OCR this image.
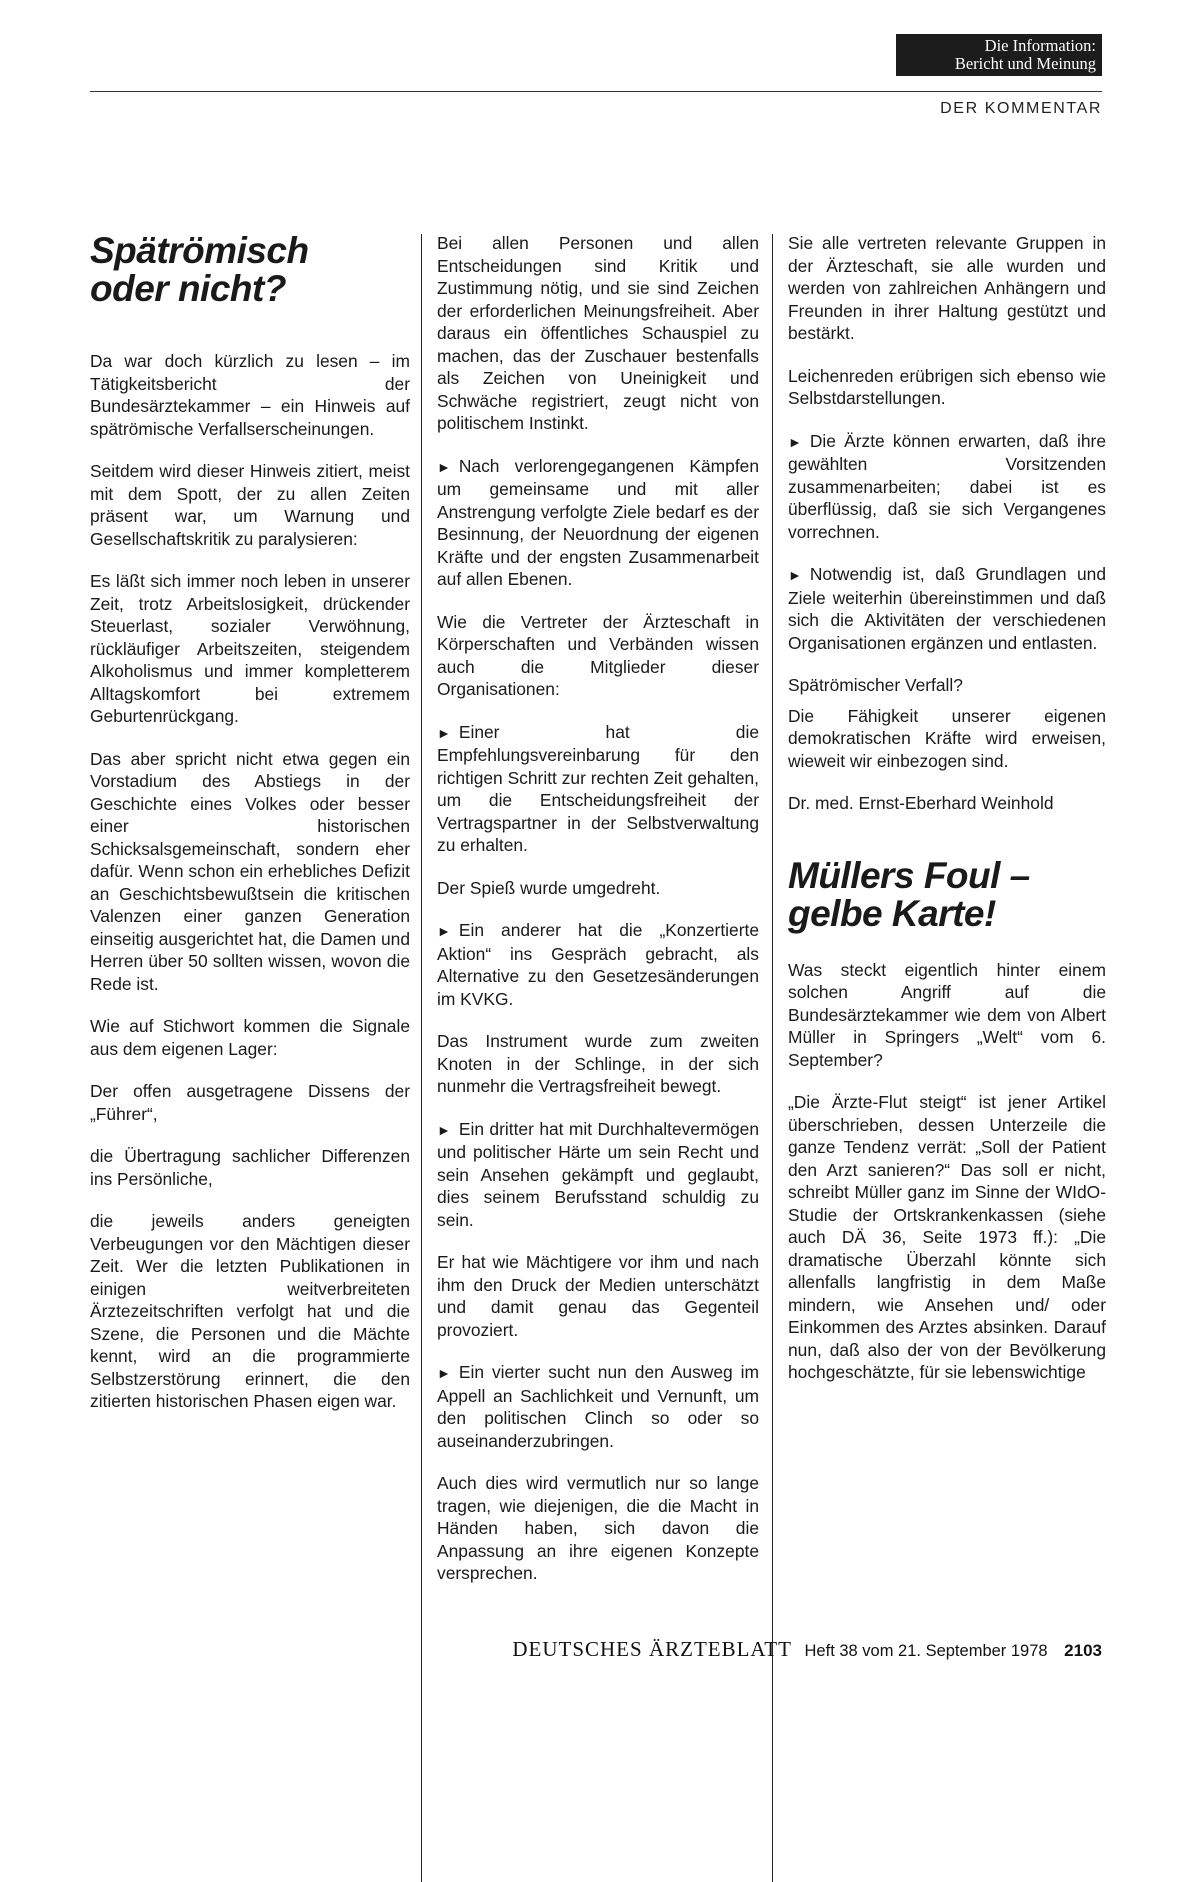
Die Information:
Bericht und Meinung
DER KOMMENTAR
Spätrömisch
oder nicht?

Da war doch kürzlich zu lesen – im Tätigkeitsbericht der Bundesärztekammer – ein Hinweis auf spätrömische Verfallserscheinungen.

Seitdem wird dieser Hinweis zitiert, meist mit dem Spott, der zu allen Zeiten präsent war, um Warnung und Gesellschaftskritik zu paralysieren:

Es läßt sich immer noch leben in unserer Zeit, trotz Arbeitslosigkeit, drückender Steuerlast, sozialer Verwöhnung, rückläufiger Arbeitszeiten, steigendem Alkoholismus und immer kompletterem Alltagskomfort bei extremem Geburtenrückgang.

Das aber spricht nicht etwa gegen ein Vorstadium des Abstiegs in der Geschichte eines Volkes oder besser einer historischen Schicksalsgemeinschaft, sondern eher dafür. Wenn schon ein erhebliches Defizit an Geschichtsbewußtsein die kritischen Valenzen einer ganzen Generation einseitig ausgerichtet hat, die Damen und Herren über 50 sollten wissen, wovon die Rede ist.

Wie auf Stichwort kommen die Signale aus dem eigenen Lager:

Der offen ausgetragene Dissens der „Führer“,

die Übertragung sachlicher Differenzen ins Persönliche,

die jeweils anders geneigten Verbeugungen vor den Mächtigen dieser Zeit. Wer die letzten Publikationen in einigen weitverbreiteten Ärztezeitschriften verfolgt hat und die Szene, die Personen und die Mächte kennt, wird an die programmierte Selbstzerstörung erinnert, die den zitierten historischen Phasen eigen war.

Bei allen Personen und allen Entscheidungen sind Kritik und Zustimmung nötig, und sie sind Zeichen der erforderlichen Meinungsfreiheit. Aber daraus ein öffentliches Schauspiel zu machen, das der Zuschauer bestenfalls als Zeichen von Uneinigkeit und Schwäche registriert, zeugt nicht von politischem Instinkt.

► Nach verlorengegangenen Kämpfen um gemeinsame und mit aller Anstrengung verfolgte Ziele bedarf es der Besinnung, der Neuordnung der eigenen Kräfte und der engsten Zusammenarbeit auf allen Ebenen.

Wie die Vertreter der Ärzteschaft in Körperschaften und Verbänden wissen auch die Mitglieder dieser Organisationen:

► Einer hat die Empfehlungsvereinbarung für den richtigen Schritt zur rechten Zeit gehalten, um die Entscheidungsfreiheit der Vertragspartner in der Selbstverwaltung zu erhalten.

Der Spieß wurde umgedreht.

► Ein anderer hat die „Konzertierte Aktion“ ins Gespräch gebracht, als Alternative zu den Gesetzesänderungen im KVKG.

Das Instrument wurde zum zweiten Knoten in der Schlinge, in der sich nunmehr die Vertragsfreiheit bewegt.

► Ein dritter hat mit Durchhaltevermögen und politischer Härte um sein Recht und sein Ansehen gekämpft und geglaubt, dies seinem Berufsstand schuldig zu sein.

Er hat wie Mächtigere vor ihm und nach ihm den Druck der Medien unterschätzt und damit genau das Gegenteil provoziert.

► Ein vierter sucht nun den Ausweg im Appell an Sachlichkeit und Vernunft, um den politischen Clinch so oder so auseinanderzubringen.

Auch dies wird vermutlich nur so lange tragen, wie diejenigen, die die Macht in Händen haben, sich davon die Anpassung an ihre eigenen Konzepte versprechen.

Sie alle vertreten relevante Gruppen in der Ärzteschaft, sie alle wurden und werden von zahlreichen Anhängern und Freunden in ihrer Haltung gestützt und bestärkt.

Leichenreden erübrigen sich ebenso wie Selbstdarstellungen.

► Die Ärzte können erwarten, daß ihre gewählten Vorsitzenden zusammenarbeiten; dabei ist es überflüssig, daß sie sich Vergangenes vorrechnen.

► Notwendig ist, daß Grundlagen und Ziele weiterhin übereinstimmen und daß sich die Aktivitäten der verschiedenen Organisationen ergänzen und entlasten.

Spätrömischer Verfall?

Die Fähigkeit unserer eigenen demokratischen Kräfte wird erweisen, wieweit wir einbezogen sind.

Dr. med. Ernst-Eberhard Weinhold

Müllers Foul –
gelbe Karte!

Was steckt eigentlich hinter einem solchen Angriff auf die Bundesärztekammer wie dem von Albert Müller in Springers „Welt“ vom 6. September?

„Die Ärzte-Flut steigt“ ist jener Artikel überschrieben, dessen Unterzeile die ganze Tendenz verrät: „Soll der Patient den Arzt sanieren?“ Das soll er nicht, schreibt Müller ganz im Sinne der WIdO-Studie der Ortskrankenkassen (siehe auch DÄ 36, Seite 1973 ff.): „Die dramatische Überzahl könnte sich allenfalls langfristig in dem Maße mindern, wie Ansehen und/ oder Einkommen des Arztes absinken. Darauf nun, daß also der von der Bevölkerung hochgeschätzte, für sie lebenswichtige

DEUTSCHES ÄRZTEBLATT Heft 38 vom 21. September 1978 2103
